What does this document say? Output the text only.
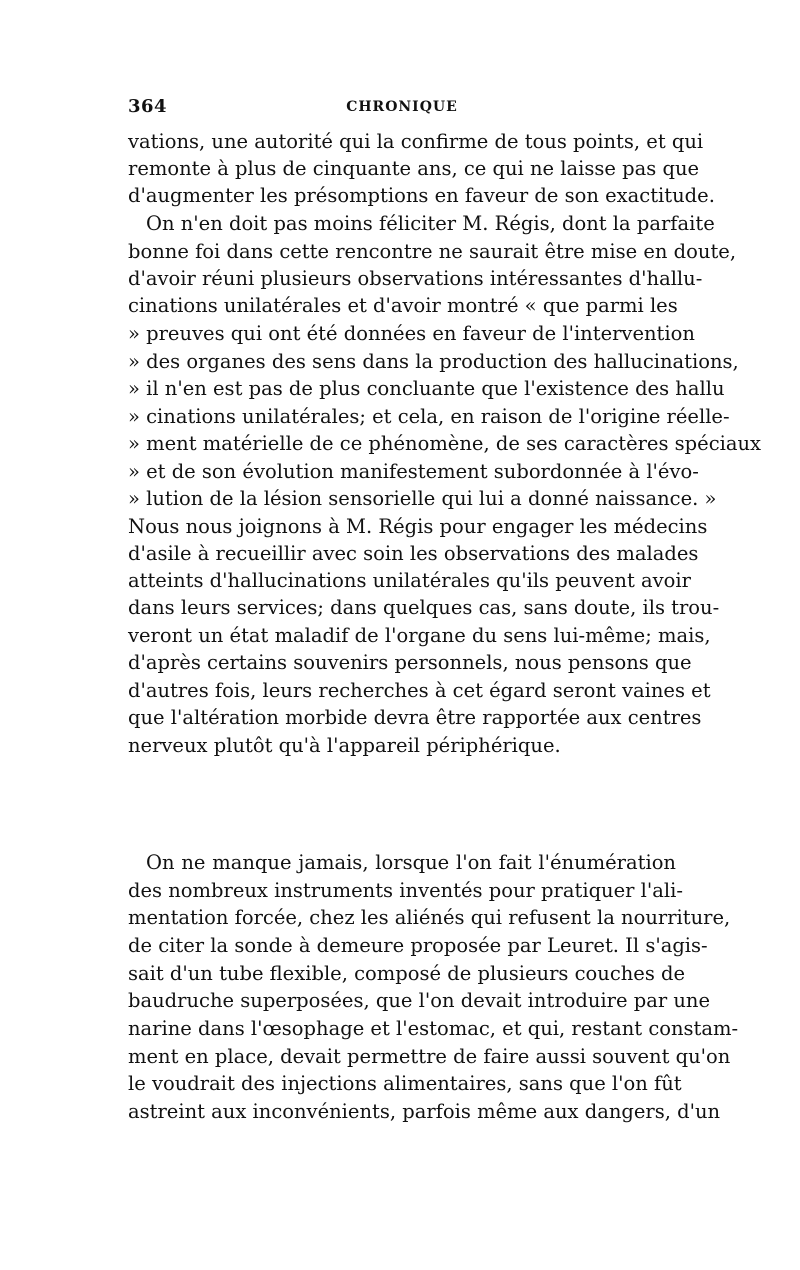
364	CHRONIQUE
vations, une autorité qui la confirme de tous points, et qui
remonte à plus de cinquante ans, ce qui ne laisse pas que
d'augmenter les présomptions en faveur de son exactitude.
On n'en doit pas moins féliciter M. Régis, dont la parfaite
bonne foi dans cette rencontre ne saurait être mise en doute,
d'avoir réuni plusieurs observations intéressantes d'hallu-
cinations unilatérales et d'avoir montré « que parmi les
» preuves qui ont été données en faveur de l'intervention
» des organes des sens dans la production des hallucinations,
» il n'en est pas de plus concluante que l'existence des hallu
» cinations unilatérales; et cela, en raison de l'origine réelle-
» ment matérielle de ce phénomène, de ses caractères spéciaux
» et de son évolution manifestement subordonnée à l'évo-
» lution de la lésion sensorielle qui lui a donné naissance. »
Nous nous joignons à M. Régis pour engager les médecins
d'asile à recueillir avec soin les observations des malades
atteints d'hallucinations unilatérales qu'ils peuvent avoir
dans leurs services; dans quelques cas, sans doute, ils trou-
veront un état maladif de l'organe du sens lui-même; mais,
d'après certains souvenirs personnels, nous pensons que
d'autres fois, leurs recherches à cet égard seront vaines et
que l'altération morbide devra être rapportée aux centres
nerveux plutôt qu'à l'appareil périphérique.
On ne manque jamais, lorsque l'on fait l'énumération
des nombreux instruments inventés pour pratiquer l'ali-
mentation forcée, chez les aliénés qui refusent la nourriture,
de citer la sonde à demeure proposée par Leuret. Il s'agis-
sait d'un tube flexible, composé de plusieurs couches de
baudruche superposées, que l'on devait introduire par une
narine dans l'œsophage et l'estomac, et qui, restant constam-
ment en place, devait permettre de faire aussi souvent qu'on
le voudrait des injections alimentaires, sans que l'on fût
astreint aux inconvénients, parfois même aux dangers, d'un
